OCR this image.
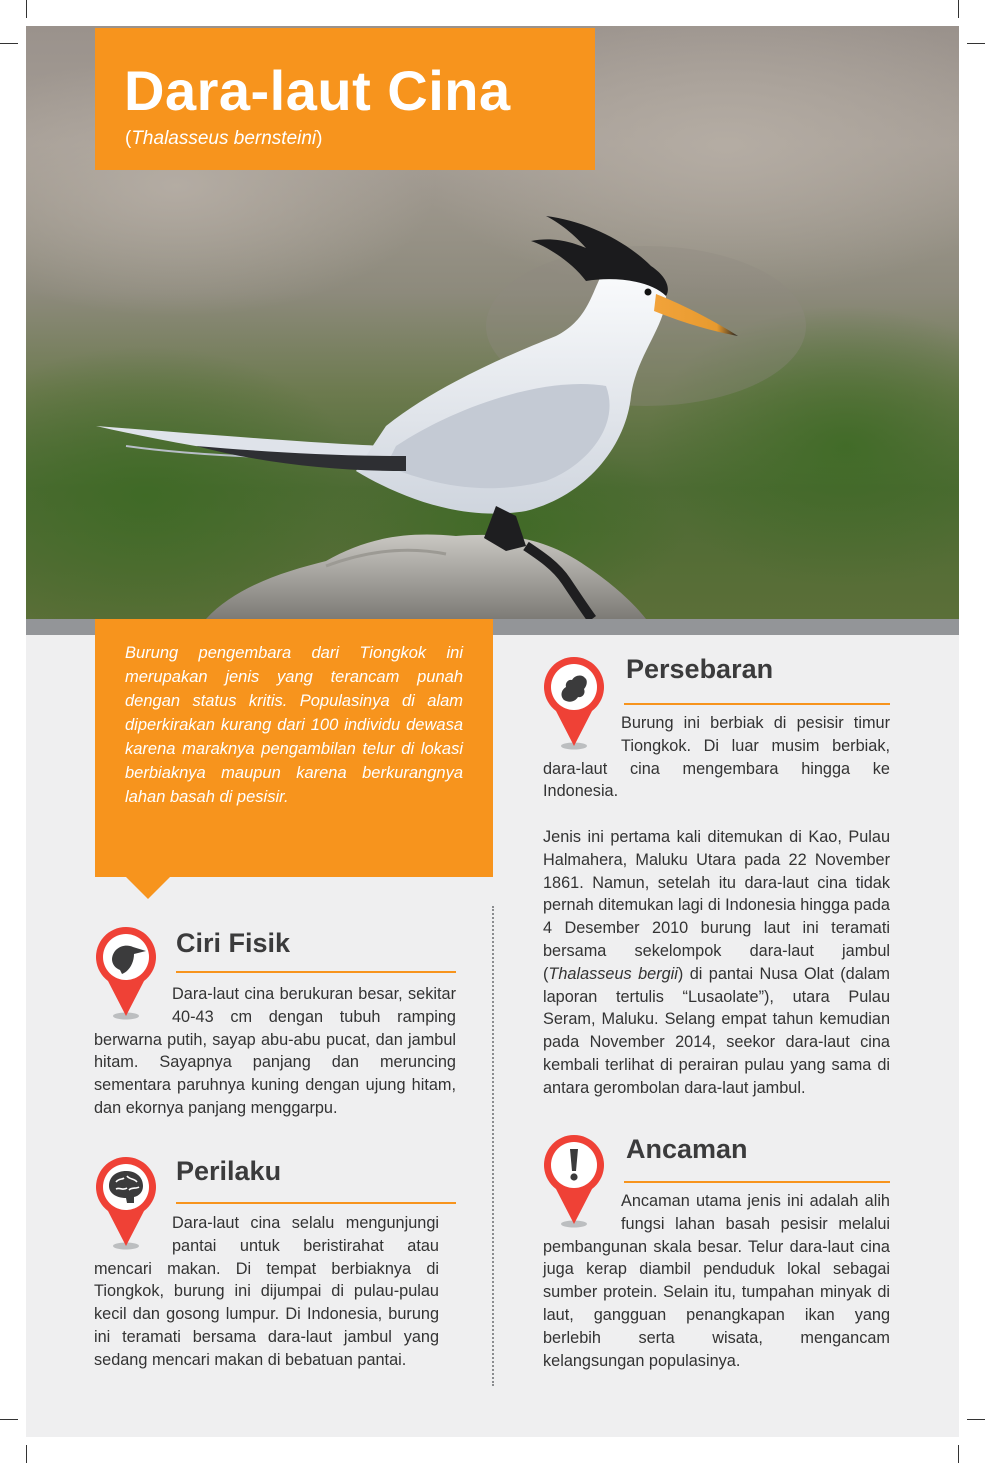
Dara-laut Cina
(Thalasseus bernsteini)

Burung pengembara dari Tiongkok ini merupakan jenis yang terancam punah dengan status kritis. Populasinya di alam diperkirakan kurang dari 100 individu dewasa karena maraknya pengambilan telur di lokasi berbiaknya maupun karena berkurangnya lahan basah di pesisir.

Ciri Fisik

Dara-laut cina berukuran besar, sekitar 40-43 cm dengan tubuh ramping berwarna putih, sayap abu-abu pucat, dan jambul hitam. Sayapnya panjang dan meruncing sementara paruhnya kuning dengan ujung hitam, dan ekornya panjang menggarpu.

Perilaku

Dara-laut cina selalu mengunjungi pantai untuk beristirahat atau mencari makan. Di tempat berbiaknya di Tiongkok, burung ini dijumpai di pulau-pulau kecil dan gosong lumpur. Di Indonesia, burung ini teramati bersama dara-laut jambul yang sedang mencari makan di bebatuan pantai.

Persebaran

Burung ini berbiak di pesisir timur Tiongkok. Di luar musim berbiak, dara-laut cina mengembara hingga ke Indonesia.

Jenis ini pertama kali ditemukan di Kao, Pulau Halmahera, Maluku Utara pada 22 November 1861. Namun, setelah itu dara-laut cina tidak pernah ditemukan lagi di Indonesia hingga pada 4 Desember 2010 burung laut ini teramati bersama sekelompok dara-laut jambul (Thalasseus bergii) di pantai Nusa Olat (dalam laporan tertulis “Lusaolate”), utara Pulau Seram, Maluku. Selang empat tahun kemudian pada November 2014, seekor dara-laut cina kembali terlihat di perairan pulau yang sama di antara gerombolan dara-laut jambul.

Ancaman

Ancaman utama jenis ini adalah alih fungsi lahan basah pesisir melalui pembangunan skala besar. Telur dara-laut cina juga kerap diambil penduduk lokal sebagai sumber protein. Selain itu, tumpahan minyak di laut, gangguan penangkapan ikan yang berlebih serta wisata, mengancam kelangsungan populasinya.
